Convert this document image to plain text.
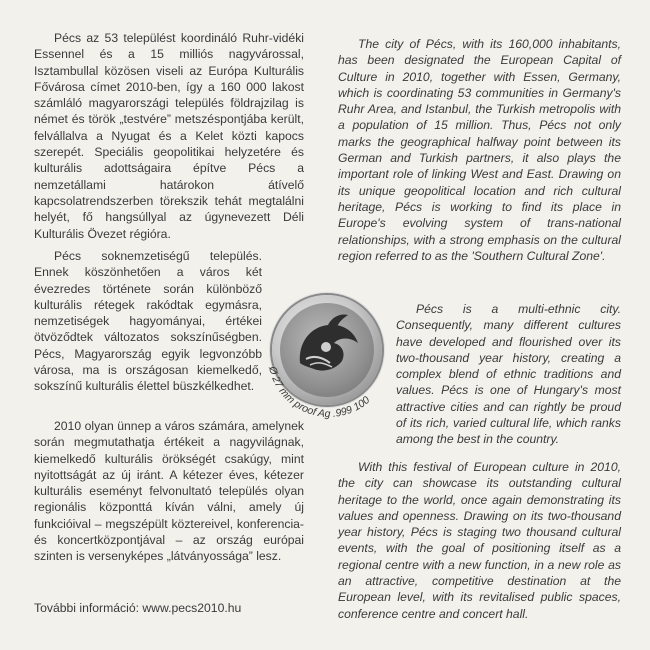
Pécs az 53 települést koordináló Ruhr-vidéki Essennel és a 15 milliós nagyvárossal, Isztambullal közösen viseli az Európa Kulturális Fővárosa címet 2010-ben, így a 160 000 lakost számláló magyarországi település földrajzilag is német és török „testvére” metszéspontjába került, felvállalva a Nyugat és a Kelet közti kapocs szerepét. Speciális geopolitikai helyzetére és kulturális adottságaira építve Pécs a nemzetállami határokon átívelő kapcsolatrendszerben törekszik tehát megtalálni helyét, fő hangsúllyal az úgynevezett Déli Kulturális Övezet régióra.

Pécs soknemzetiségű település. Ennek köszönhetően a város két évezredes története során különböző kulturális rétegek rakódtak egymásra, nemzetiségek hagyományai, értékei ötvöződtek változatos sokszínűségben. Pécs, Magyarország egyik legvonzóbb városa, ma is országosan kiemelkedő, sokszínű kulturális élettel büszkélkedhet.

2010 olyan ünnep a város számára, amelynek során megmutathatja értékeit a nagyvilágnak, kiemelkedő kulturális örökségét csakúgy, mint nyitottságát az új iránt. A kétezer éves, kétezer kulturális eseményt felvonultató település olyan regionális központtá kíván válni, amely új funkcióival – megszépült köztereivel, konferencia- és koncertközpontjával – az ország európai szinten is versenyképes „látványossága” lesz.

További információ: www.pecs2010.hu

The city of Pécs, with its 160,000 inhabitants, has been designated the European Capital of Culture in 2010, together with Essen, Germany, which is coordinating 53 communities in Germany's Ruhr Area, and Istanbul, the Turkish metropolis with a population of 15 million. Thus, Pécs not only marks the geographical halfway point between its German and Turkish partners, it also plays the important role of linking West and East. Drawing on its unique geopolitical location and rich cultural heritage, Pécs is working to find its place in Europe's evolving system of trans-national relationships, with a strong emphasis on the cultural region referred to as the 'Southern Cultural Zone'.

Pécs is a multi-ethnic city. Consequently, many different cultures have developed and flourished over its two-thousand year history, creating a complex blend of ethnic traditions and values. Pécs is one of Hungary's most attractive cities and can rightly be proud of its rich, varied cultural life, which ranks among the best in the country.

With this festival of European culture in 2010, the city can showcase its outstanding cultural heritage to the world, once again demonstrating its values and openness. Drawing on its two-thousand year history, Pécs is staging two thousand cultural events, with the goal of positioning itself as a regional centre with a new function, in a new role as an attractive, competitive destination at the European level, with its revitalised public spaces, conference centre and concert hall.

Ø 27 mm proof Ag .999 100
